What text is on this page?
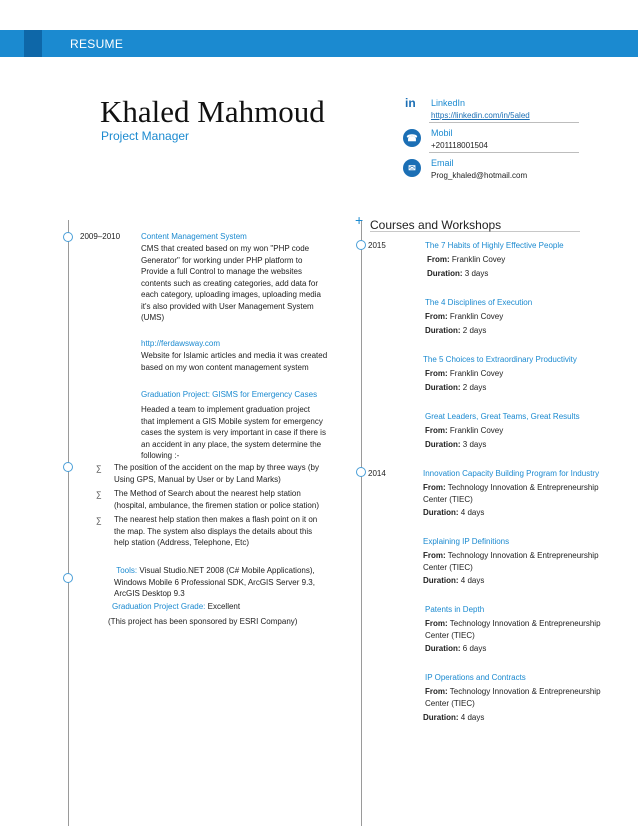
RESUME
Khaled Mahmoud
Project Manager
in LinkedIn
https://linkedin.com/in/5aled
☎	Mobil
+201118001504
✉	Email
Prog_khaled@hotmail.com
+ Courses and Workshops
2009–2010	Content Management System
CMS that created based on my won "PHP code
Generator" for working under PHP platform to
Provide a full Control to manage the websites
contents such as creating categories, add data for
each category, uploading images, uploading media
it's also provided with User Management System
(UMS)
http://ferdawsway.com
Website for Islamic articles and media it was created
based on my won content management system
Graduation Project: GISMS for Emergency Cases
Headed a team to implement graduation project
that implement a GIS Mobile system for emergency
cases the system is very important in case if there is
an accident in any place, the system determine the
following :-
∑ The position of the accident on the map by three ways (by
Using GPS, Manual by User or by Land Marks)
∑ The Method of Search about the nearest help station
(hospital, ambulance, the firemen station or police station)
∑ The nearest help station then makes a flash point on it on
the map. The system also displays the details about this
help station (Address, Telephone, Etc)
Tools: Visual Studio.NET 2008 (C# Mobile Applications),
Windows Mobile 6 Professional SDK, ArcGIS Server 9.3,
ArcGIS Desktop 9.3
Graduation Project Grade: Excellent
(This project has been sponsored by ESRI Company)
2015	The 7 Habits of Highly Effective People
From: Franklin Covey
Duration: 3 days
The 4 Disciplines of Execution
From: Franklin Covey
Duration: 2 days
The 5 Choices to Extraordinary Productivity
From: Franklin Covey
Duration: 2 days
Great Leaders, Great Teams, Great Results
From: Franklin Covey
Duration: 3 days
2014	Innovation Capacity Building Program for Industry
From: Technology Innovation & Entrepreneurship
Center (TIEC)
Duration: 4 days
Explaining IP Definitions
From: Technology Innovation & Entrepreneurship
Center (TIEC)
Duration: 4 days
Patents in Depth
From: Technology Innovation & Entrepreneurship
Center (TIEC)
Duration: 6 days
IP Operations and Contracts
From: Technology Innovation & Entrepreneurship
Center (TIEC)
Duration: 4 days
